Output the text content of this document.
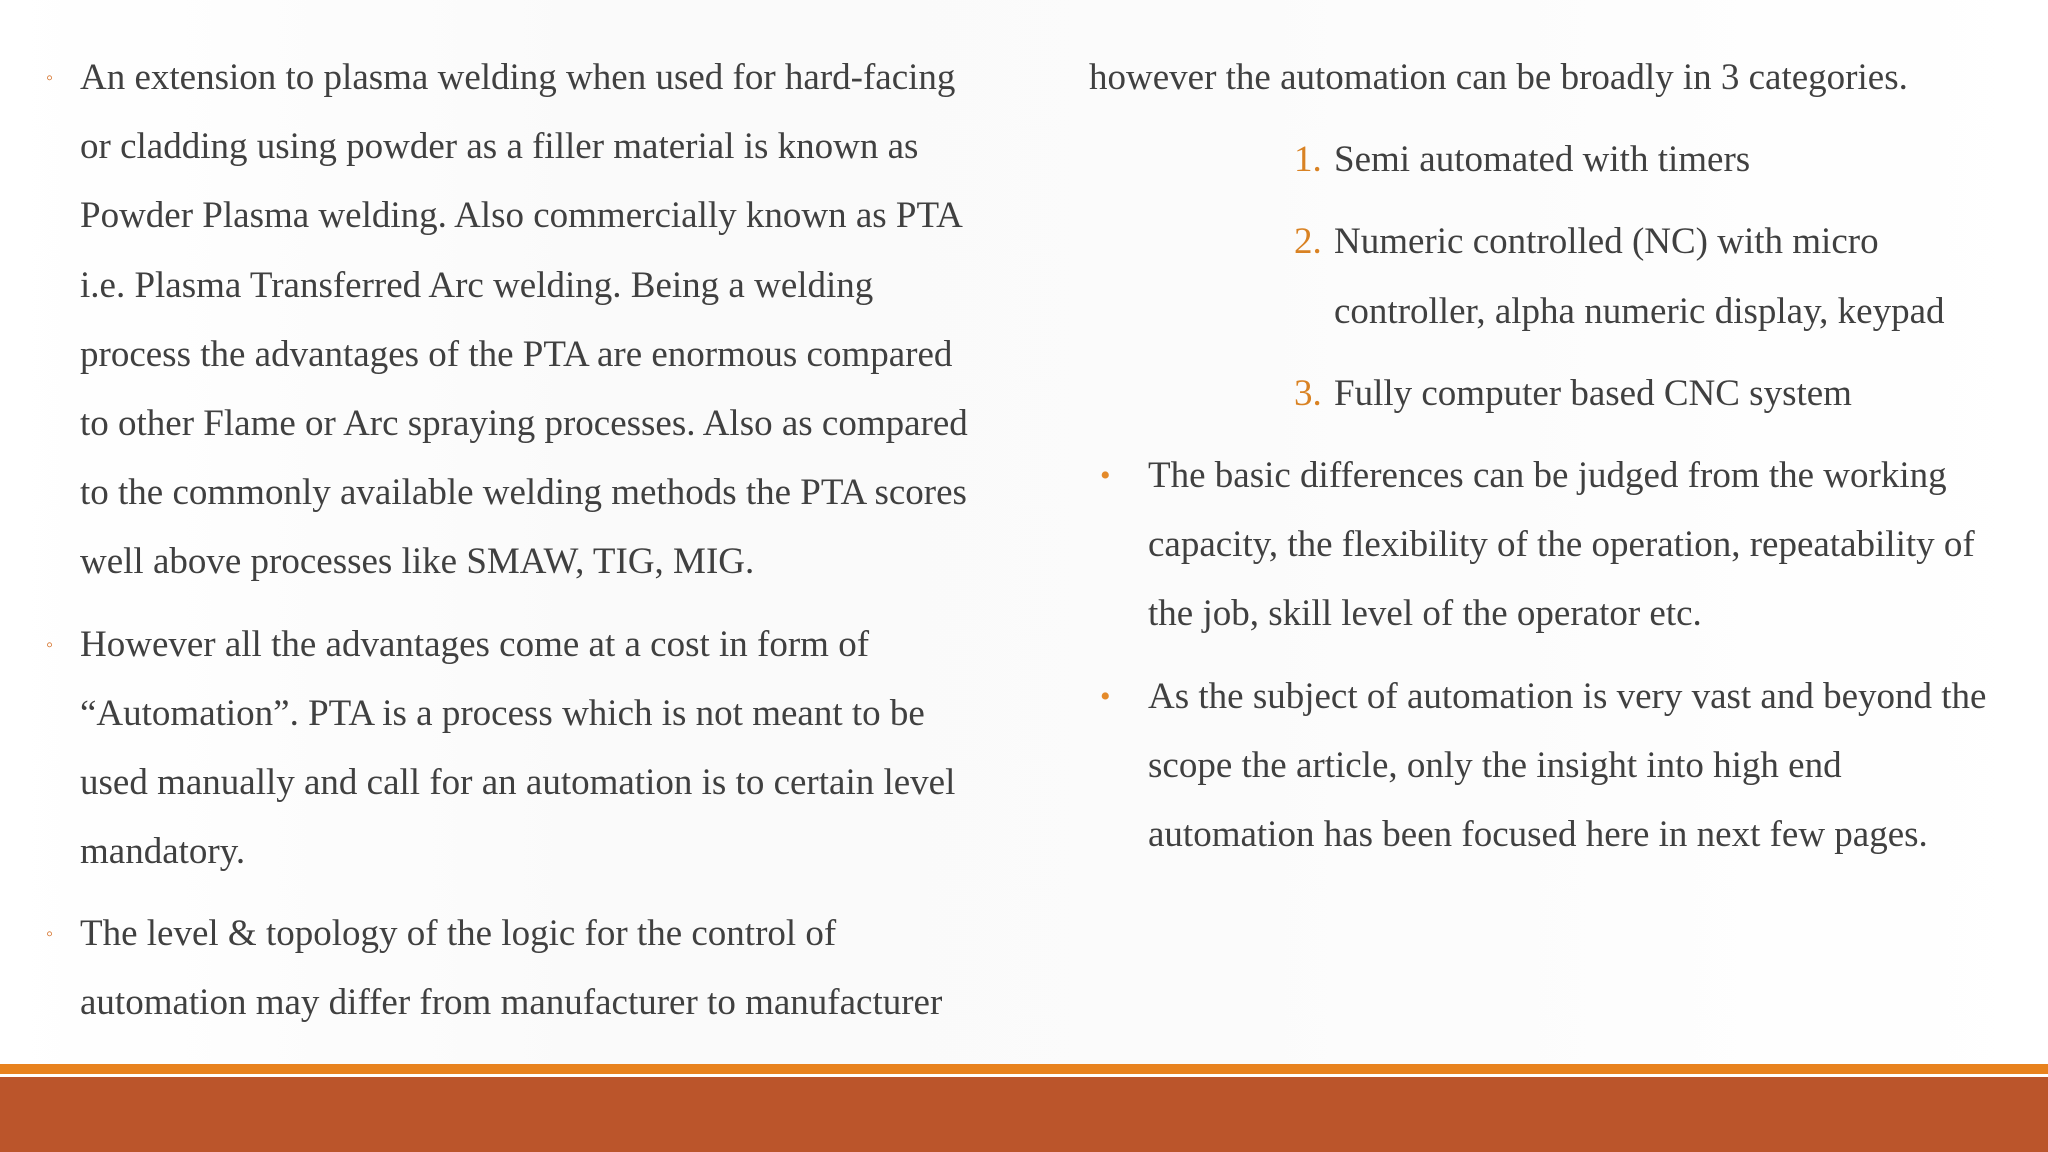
◦ An extension to plasma welding when used for hard-facing
or cladding using powder as a filler material is known as
Powder Plasma welding. Also commercially known as PTA
i.e. Plasma Transferred Arc welding. Being a welding
process the advantages of the PTA are enormous compared
to other Flame or Arc spraying processes. Also as compared
to the commonly available welding methods the PTA scores
well above processes like SMAW, TIG, MIG.
◦ However all the advantages come at a cost in form of
“Automation”. PTA is a process which is not meant to be
used manually and call for an automation is to certain level
mandatory.
◦ The level & topology of the logic for the control of
automation may differ from manufacturer to manufacturer
however the automation can be broadly in 3 categories.
1. Semi automated with timers
2. Numeric controlled (NC) with micro
controller, alpha numeric display, keypad
3. Fully computer based CNC system
• The basic differences can be judged from the working
capacity, the flexibility of the operation, repeatability of
the job, skill level of the operator etc.
• As the subject of automation is very vast and beyond the
scope the article, only the insight into high end
automation has been focused here in next few pages.
